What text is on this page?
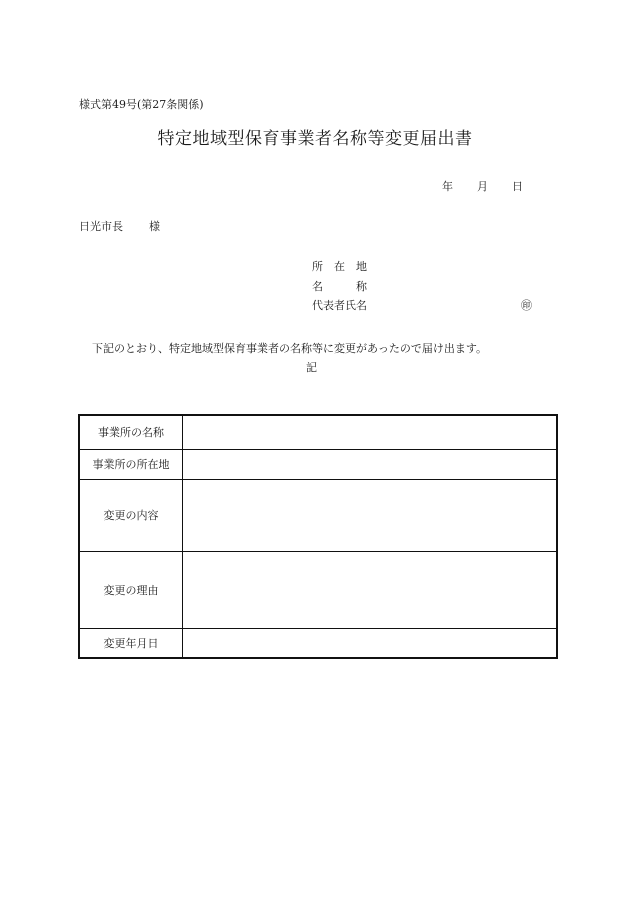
様式第49号(第27条関係)
特定地域型保育事業者名称等変更届出書
年 月 日
日光市長 様
所　在　地
名　　　称
代表者氏名	㊞
下記のとおり、特定地域型保育事業者の名称等に変更があったので届け出ます。
記
事業所の名称	
事業所の所在地	
変更の内容	
変更の理由	
変更年月日	
